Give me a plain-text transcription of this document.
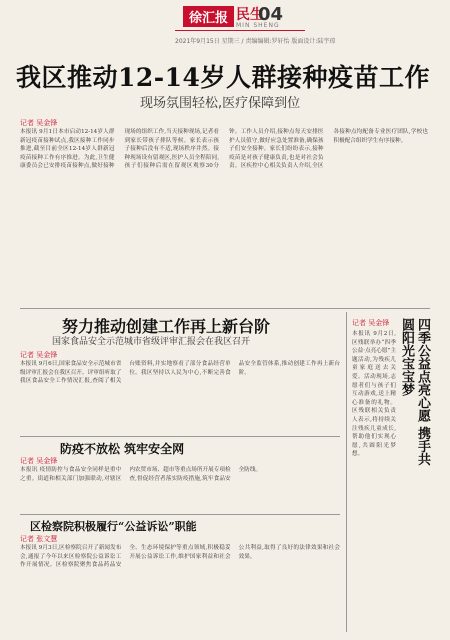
徐汇报 民生
04
MIN SHENG
2021年9月15日 星期三 / 责编编辑:罗轩怡 版面设计:陆宇琼
我区推动12-14岁人群接种疫苗工作
现场氛围轻松,医疗保障到位
记者 吴金锋
本报讯 9月1日本市启动12-14岁人群新冠疫苗接种试点,我区接种工作同步推进,截至目前全区12-14岁人群新冠疫苗接种工作有序推进。为此,卫生健康委员会已安排疫苗接种点,做好接种现场的组织工作,当天接种现场,记者看到家长带孩子排队等候。家长表示孩子接种后没有不适,现场秩序井然。接种现场设有留观区,医护人员全程陪同,孩子们接种后需在留观区观察30分钟。工作人员介绍,接种点每天安排医护人员值守,做好应急处置准备,确保孩子们安全接种。家长们纷纷表示,接种疫苗是对孩子健康负责,也是对社会负责。区疾控中心相关负责人介绍,全区各接种点均配备专业医疗团队,学校也积极配合组织学生有序接种。
努力推动创建工作再上新台阶
国家食品安全示范城市省级评审汇报会在我区召开
记者 吴金锋
本报讯 9月6日,国家食品安全示范城市省级评审汇报会在我区召开。评审组听取了我区食品安全工作情况汇报,查阅了相关台账资料,并实地察看了部分食品经营单位。我区坚持以人民为中心,不断完善食品安全监管体系,推动创建工作再上新台阶。
防疫不放松 筑牢安全网
记者 吴金锋
本报讯 疫情防控与食品安全同样是重中之重。街道和相关部门加强联动,对辖区内农贸市场、超市等重点场所开展专项检查,督促经营者落实防疫措施,筑牢食品安全防线。
区检察院积极履行“公益诉讼”职能
记者 张文慧
本报讯 9月3日,区检察院召开了新闻发布会,通报了今年以来区检察院公益诉讼工作开展情况。区检察院聚焦食品药品安全、生态环境保护等重点领域,积极稳妥开展公益诉讼工作,维护国家利益和社会公共利益,取得了良好的法律效果和社会效果。
四季公益点亮心愿 携手共圆阳光宝宝梦
记者 吴金锋
本报讯 9月2日,区残联举办“四季公益·点亮心愿”主题活动,为残疾儿童家庭送去关爱。活动现场,志愿者们与孩子们互动游戏,送上精心准备的礼物。区残联相关负责人表示,将持续关注残疾儿童成长,帮助他们实现心愿,共圆阳光梦想。
